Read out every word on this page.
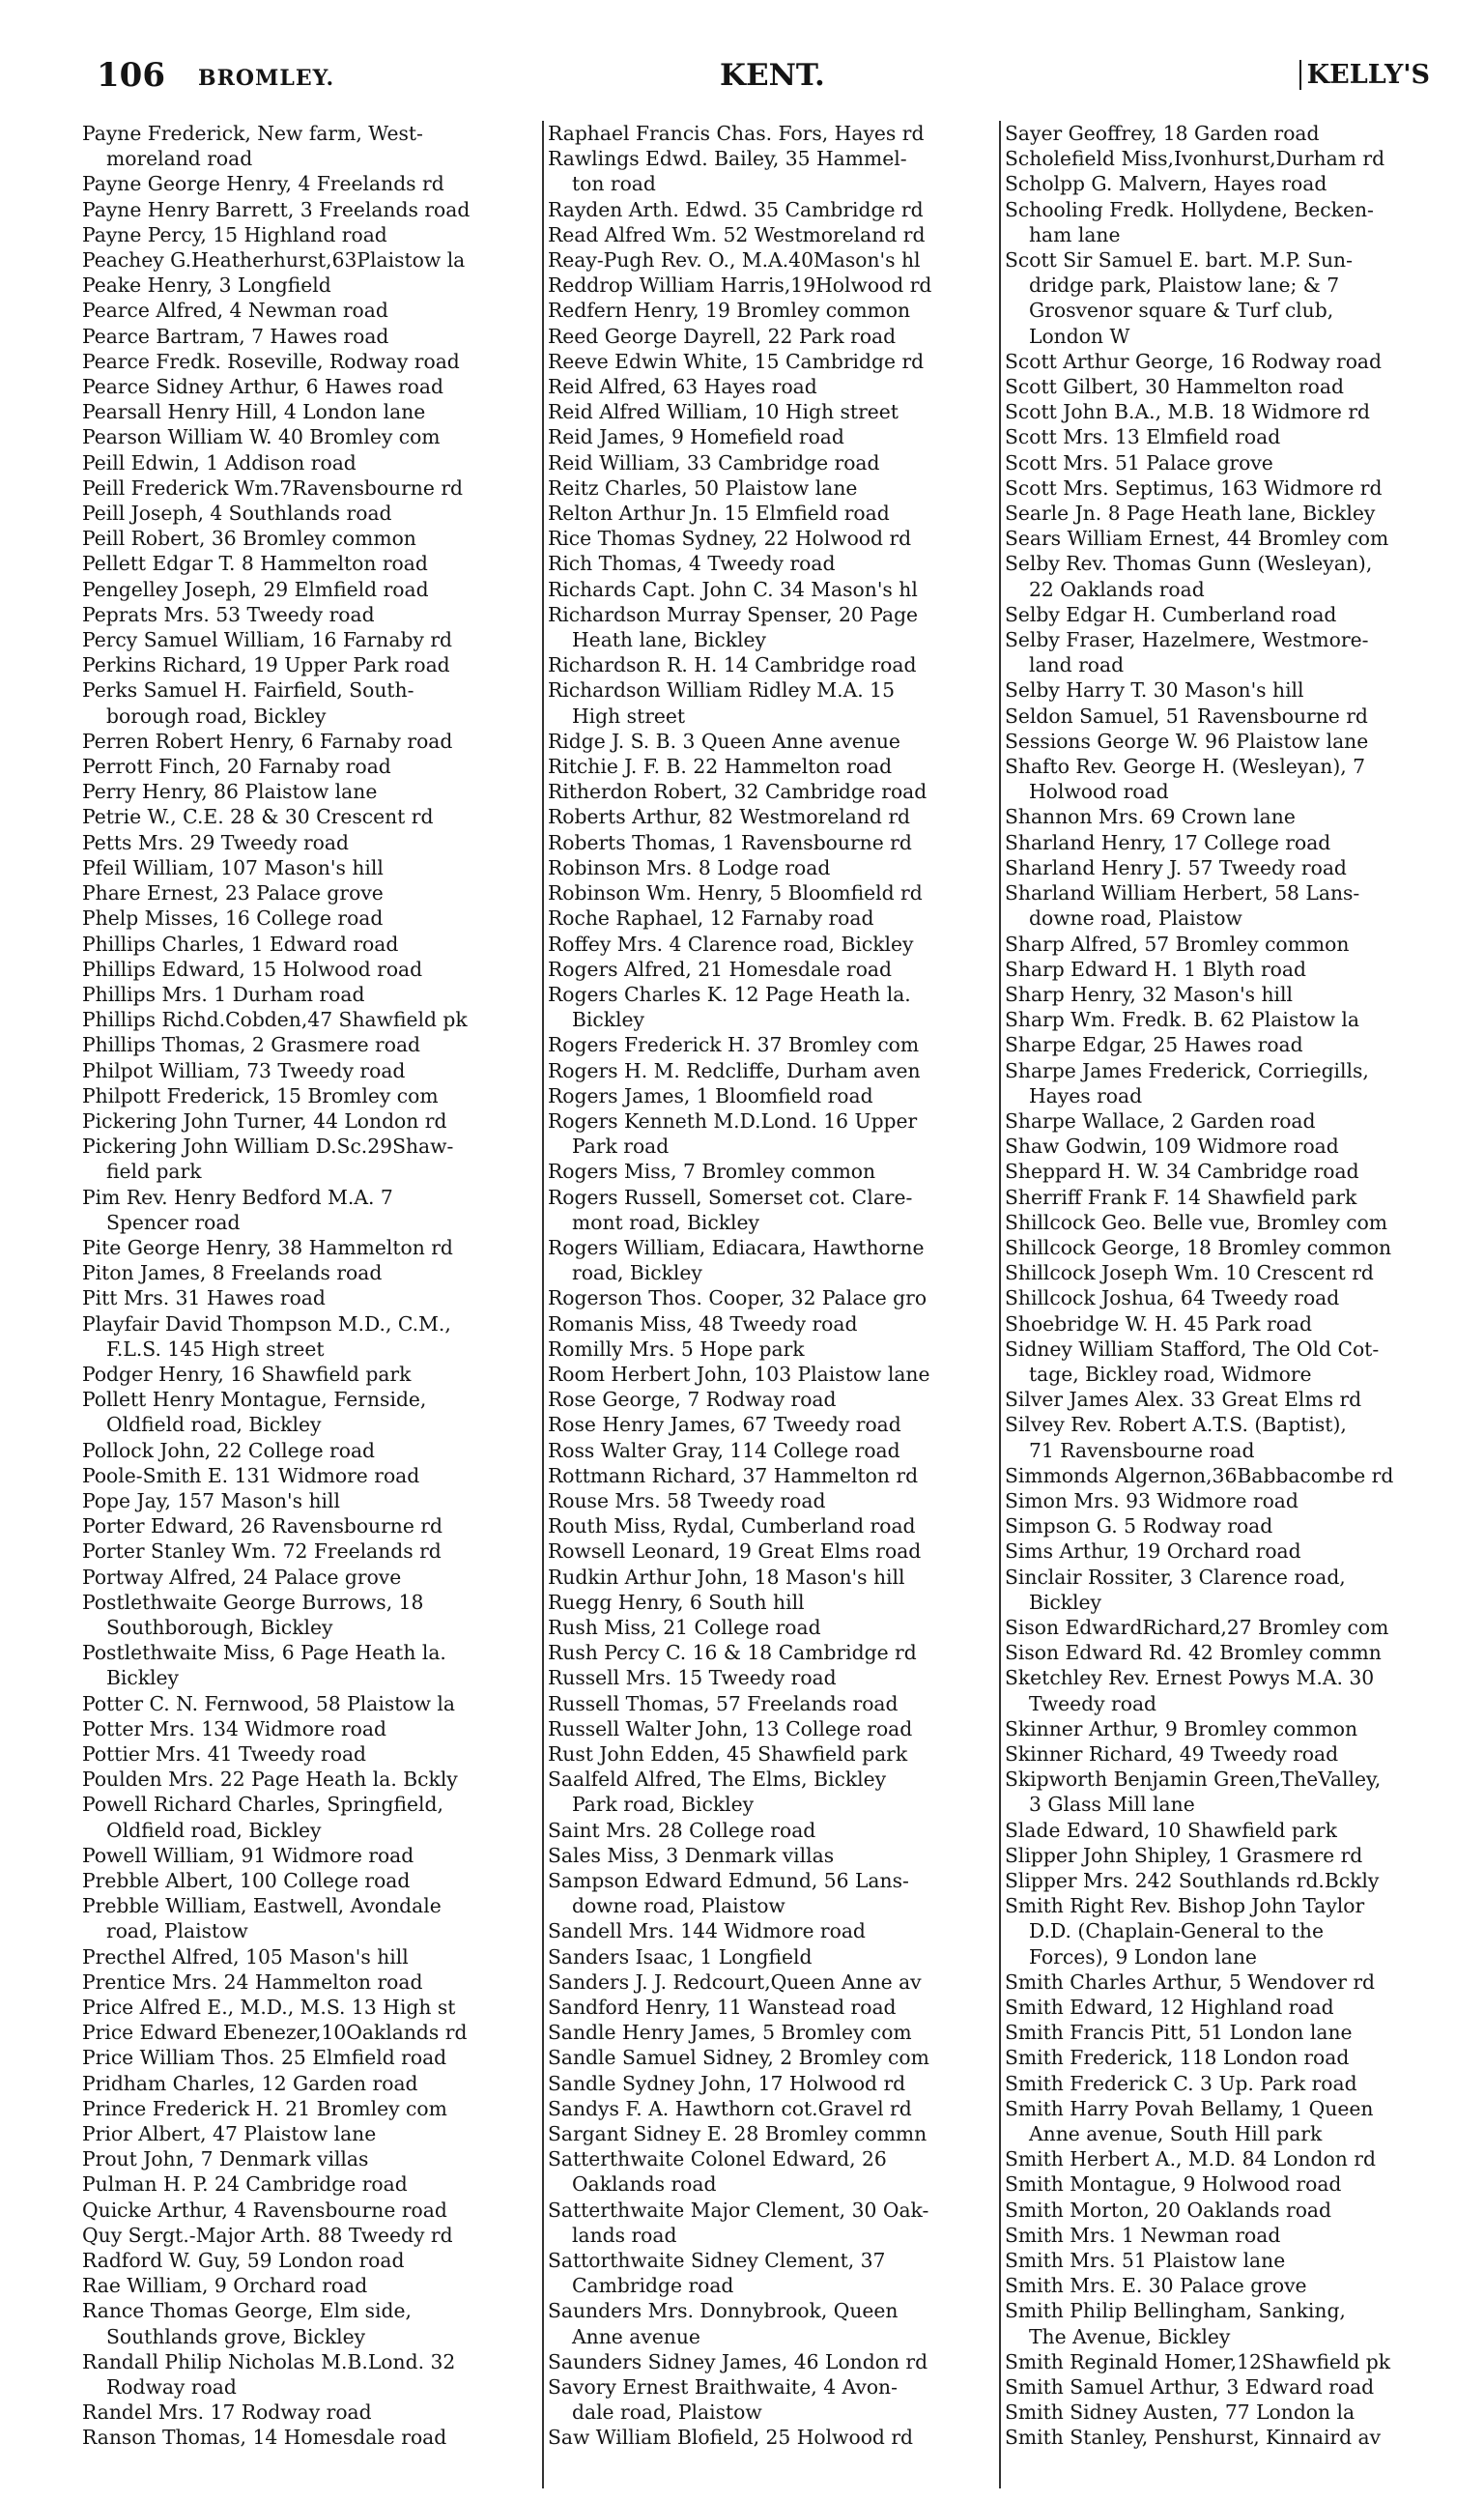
106 BROMLEY.	KENT.	KELLY'S
Payne Frederick, New farm, West-
moreland road
Payne George Henry, 4 Freelands rd
Payne Henry Barrett, 3 Freelands road
Payne Percy, 15 Highland road
Peachey G.Heatherhurst,63Plaistow la
Peake Henry, 3 Longfield
Pearce Alfred, 4 Newman road
Pearce Bartram, 7 Hawes road
Pearce Fredk. Roseville, Rodway road
Pearce Sidney Arthur, 6 Hawes road
Pearsall Henry Hill, 4 London lane
Pearson William W. 40 Bromley com
Peill Edwin, 1 Addison road
Peill Frederick Wm.7Ravensbourne rd
Peill Joseph, 4 Southlands road
Peill Robert, 36 Bromley common
Pellett Edgar T. 8 Hammelton road
Pengelley Joseph, 29 Elmfield road
Peprats Mrs. 53 Tweedy road
Percy Samuel William, 16 Farnaby rd
Perkins Richard, 19 Upper Park road
Perks Samuel H. Fairfield, South-
borough road, Bickley
Perren Robert Henry, 6 Farnaby road
Perrott Finch, 20 Farnaby road
Perry Henry, 86 Plaistow lane
Petrie W., C.E. 28 & 30 Crescent rd
Petts Mrs. 29 Tweedy road
Pfeil William, 107 Mason's hill
Phare Ernest, 23 Palace grove
Phelp Misses, 16 College road
Phillips Charles, 1 Edward road
Phillips Edward, 15 Holwood road
Phillips Mrs. 1 Durham road
Phillips Richd.Cobden,47 Shawfield pk
Phillips Thomas, 2 Grasmere road
Philpot William, 73 Tweedy road
Philpott Frederick, 15 Bromley com
Pickering John Turner, 44 London rd
Pickering John William D.Sc.29Shaw-
field park
Pim Rev. Henry Bedford M.A. 7
Spencer road
Pite George Henry, 38 Hammelton rd
Piton James, 8 Freelands road
Pitt Mrs. 31 Hawes road
Playfair David Thompson M.D., C.M.,
F.L.S. 145 High street
Podger Henry, 16 Shawfield park
Pollett Henry Montague, Fernside,
Oldfield road, Bickley
Pollock John, 22 College road
Poole-Smith E. 131 Widmore road
Pope Jay, 157 Mason's hill
Porter Edward, 26 Ravensbourne rd
Porter Stanley Wm. 72 Freelands rd
Portway Alfred, 24 Palace grove
Postlethwaite George Burrows, 18
Southborough, Bickley
Postlethwaite Miss, 6 Page Heath la.
Bickley
Potter C. N. Fernwood, 58 Plaistow la
Potter Mrs. 134 Widmore road
Pottier Mrs. 41 Tweedy road
Poulden Mrs. 22 Page Heath la. Bckly
Powell Richard Charles, Springfield,
Oldfield road, Bickley
Powell William, 91 Widmore road
Prebble Albert, 100 College road
Prebble William, Eastwell, Avondale
road, Plaistow
Precthel Alfred, 105 Mason's hill
Prentice Mrs. 24 Hammelton road
Price Alfred E., M.D., M.S. 13 High st
Price Edward Ebenezer,10Oaklands rd
Price William Thos. 25 Elmfield road
Pridham Charles, 12 Garden road
Prince Frederick H. 21 Bromley com
Prior Albert, 47 Plaistow lane
Prout John, 7 Denmark villas
Pulman H. P. 24 Cambridge road
Quicke Arthur, 4 Ravensbourne road
Quy Sergt.-Major Arth. 88 Tweedy rd
Radford W. Guy, 59 London road
Rae William, 9 Orchard road
Rance Thomas George, Elm side,
Southlands grove, Bickley
Randall Philip Nicholas M.B.Lond. 32
Rodway road
Randel Mrs. 17 Rodway road
Ranson Thomas, 14 Homesdale road
Raphael Francis Chas. Fors, Hayes rd
Rawlings Edwd. Bailey, 35 Hammel-
ton road
Rayden Arth. Edwd. 35 Cambridge rd
Read Alfred Wm. 52 Westmoreland rd
Reay-Pugh Rev. O., M.A.40Mason's hl
Reddrop William Harris,19Holwood rd
Redfern Henry, 19 Bromley common
Reed George Dayrell, 22 Park road
Reeve Edwin White, 15 Cambridge rd
Reid Alfred, 63 Hayes road
Reid Alfred William, 10 High street
Reid James, 9 Homefield road
Reid William, 33 Cambridge road
Reitz Charles, 50 Plaistow lane
Relton Arthur Jn. 15 Elmfield road
Rice Thomas Sydney, 22 Holwood rd
Rich Thomas, 4 Tweedy road
Richards Capt. John C. 34 Mason's hl
Richardson Murray Spenser, 20 Page
Heath lane, Bickley
Richardson R. H. 14 Cambridge road
Richardson William Ridley M.A. 15
High street
Ridge J. S. B. 3 Queen Anne avenue
Ritchie J. F. B. 22 Hammelton road
Ritherdon Robert, 32 Cambridge road
Roberts Arthur, 82 Westmoreland rd
Roberts Thomas, 1 Ravensbourne rd
Robinson Mrs. 8 Lodge road
Robinson Wm. Henry, 5 Bloomfield rd
Roche Raphael, 12 Farnaby road
Roffey Mrs. 4 Clarence road, Bickley
Rogers Alfred, 21 Homesdale road
Rogers Charles K. 12 Page Heath la.
Bickley
Rogers Frederick H. 37 Bromley com
Rogers H. M. Redcliffe, Durham aven
Rogers James, 1 Bloomfield road
Rogers Kenneth M.D.Lond. 16 Upper
Park road
Rogers Miss, 7 Bromley common
Rogers Russell, Somerset cot. Clare-
mont road, Bickley
Rogers William, Ediacara, Hawthorne
road, Bickley
Rogerson Thos. Cooper, 32 Palace gro
Romanis Miss, 48 Tweedy road
Romilly Mrs. 5 Hope park
Room Herbert John, 103 Plaistow lane
Rose George, 7 Rodway road
Rose Henry James, 67 Tweedy road
Ross Walter Gray, 114 College road
Rottmann Richard, 37 Hammelton rd
Rouse Mrs. 58 Tweedy road
Routh Miss, Rydal, Cumberland road
Rowsell Leonard, 19 Great Elms road
Rudkin Arthur John, 18 Mason's hill
Ruegg Henry, 6 South hill
Rush Miss, 21 College road
Rush Percy C. 16 & 18 Cambridge rd
Russell Mrs. 15 Tweedy road
Russell Thomas, 57 Freelands road
Russell Walter John, 13 College road
Rust John Edden, 45 Shawfield park
Saalfeld Alfred, The Elms, Bickley
Park road, Bickley
Saint Mrs. 28 College road
Sales Miss, 3 Denmark villas
Sampson Edward Edmund, 56 Lans-
downe road, Plaistow
Sandell Mrs. 144 Widmore road
Sanders Isaac, 1 Longfield
Sanders J. J. Redcourt,Queen Anne av
Sandford Henry, 11 Wanstead road
Sandle Henry James, 5 Bromley com
Sandle Samuel Sidney, 2 Bromley com
Sandle Sydney John, 17 Holwood rd
Sandys F. A. Hawthorn cot.Gravel rd
Sargant Sidney E. 28 Bromley commn
Satterthwaite Colonel Edward, 26
Oaklands road
Satterthwaite Major Clement, 30 Oak-
lands road
Sattorthwaite Sidney Clement, 37
Cambridge road
Saunders Mrs. Donnybrook, Queen
Anne avenue
Saunders Sidney James, 46 London rd
Savory Ernest Braithwaite, 4 Avon-
dale road, Plaistow
Saw William Blofield, 25 Holwood rd
Sayer Geoffrey, 18 Garden road
Scholefield Miss,Ivonhurst,Durham rd
Scholpp G. Malvern, Hayes road
Schooling Fredk. Hollydene, Becken-
ham lane
Scott Sir Samuel E. bart. M.P. Sun-
dridge park, Plaistow lane; & 7
Grosvenor square & Turf club,
London W
Scott Arthur George, 16 Rodway road
Scott Gilbert, 30 Hammelton road
Scott John B.A., M.B. 18 Widmore rd
Scott Mrs. 13 Elmfield road
Scott Mrs. 51 Palace grove
Scott Mrs. Septimus, 163 Widmore rd
Searle Jn. 8 Page Heath lane, Bickley
Sears William Ernest, 44 Bromley com
Selby Rev. Thomas Gunn (Wesleyan),
22 Oaklands road
Selby Edgar H. Cumberland road
Selby Fraser, Hazelmere, Westmore-
land road
Selby Harry T. 30 Mason's hill
Seldon Samuel, 51 Ravensbourne rd
Sessions George W. 96 Plaistow lane
Shafto Rev. George H. (Wesleyan), 7
Holwood road
Shannon Mrs. 69 Crown lane
Sharland Henry, 17 College road
Sharland Henry J. 57 Tweedy road
Sharland William Herbert, 58 Lans-
downe road, Plaistow
Sharp Alfred, 57 Bromley common
Sharp Edward H. 1 Blyth road
Sharp Henry, 32 Mason's hill
Sharp Wm. Fredk. B. 62 Plaistow la
Sharpe Edgar, 25 Hawes road
Sharpe James Frederick, Corriegills,
Hayes road
Sharpe Wallace, 2 Garden road
Shaw Godwin, 109 Widmore road
Sheppard H. W. 34 Cambridge road
Sherriff Frank F. 14 Shawfield park
Shillcock Geo. Belle vue, Bromley com
Shillcock George, 18 Bromley common
Shillcock Joseph Wm. 10 Crescent rd
Shillcock Joshua, 64 Tweedy road
Shoebridge W. H. 45 Park road
Sidney William Stafford, The Old Cot-
tage, Bickley road, Widmore
Silver James Alex. 33 Great Elms rd
Silvey Rev. Robert A.T.S. (Baptist),
71 Ravensbourne road
Simmonds Algernon,36Babbacombe rd
Simon Mrs. 93 Widmore road
Simpson G. 5 Rodway road
Sims Arthur, 19 Orchard road
Sinclair Rossiter, 3 Clarence road,
Bickley
Sison EdwardRichard,27 Bromley com
Sison Edward Rd. 42 Bromley commn
Sketchley Rev. Ernest Powys M.A. 30
Tweedy road
Skinner Arthur, 9 Bromley common
Skinner Richard, 49 Tweedy road
Skipworth Benjamin Green,TheValley,
3 Glass Mill lane
Slade Edward, 10 Shawfield park
Slipper John Shipley, 1 Grasmere rd
Slipper Mrs. 242 Southlands rd.Bckly
Smith Right Rev. Bishop John Taylor
D.D. (Chaplain-General to the
Forces), 9 London lane
Smith Charles Arthur, 5 Wendover rd
Smith Edward, 12 Highland road
Smith Francis Pitt, 51 London lane
Smith Frederick, 118 London road
Smith Frederick C. 3 Up. Park road
Smith Harry Povah Bellamy, 1 Queen
Anne avenue, South Hill park
Smith Herbert A., M.D. 84 London rd
Smith Montague, 9 Holwood road
Smith Morton, 20 Oaklands road
Smith Mrs. 1 Newman road
Smith Mrs. 51 Plaistow lane
Smith Mrs. E. 30 Palace grove
Smith Philip Bellingham, Sanking,
The Avenue, Bickley
Smith Reginald Homer,12Shawfield pk
Smith Samuel Arthur, 3 Edward road
Smith Sidney Austen, 77 London la
Smith Stanley, Penshurst, Kinnaird av
